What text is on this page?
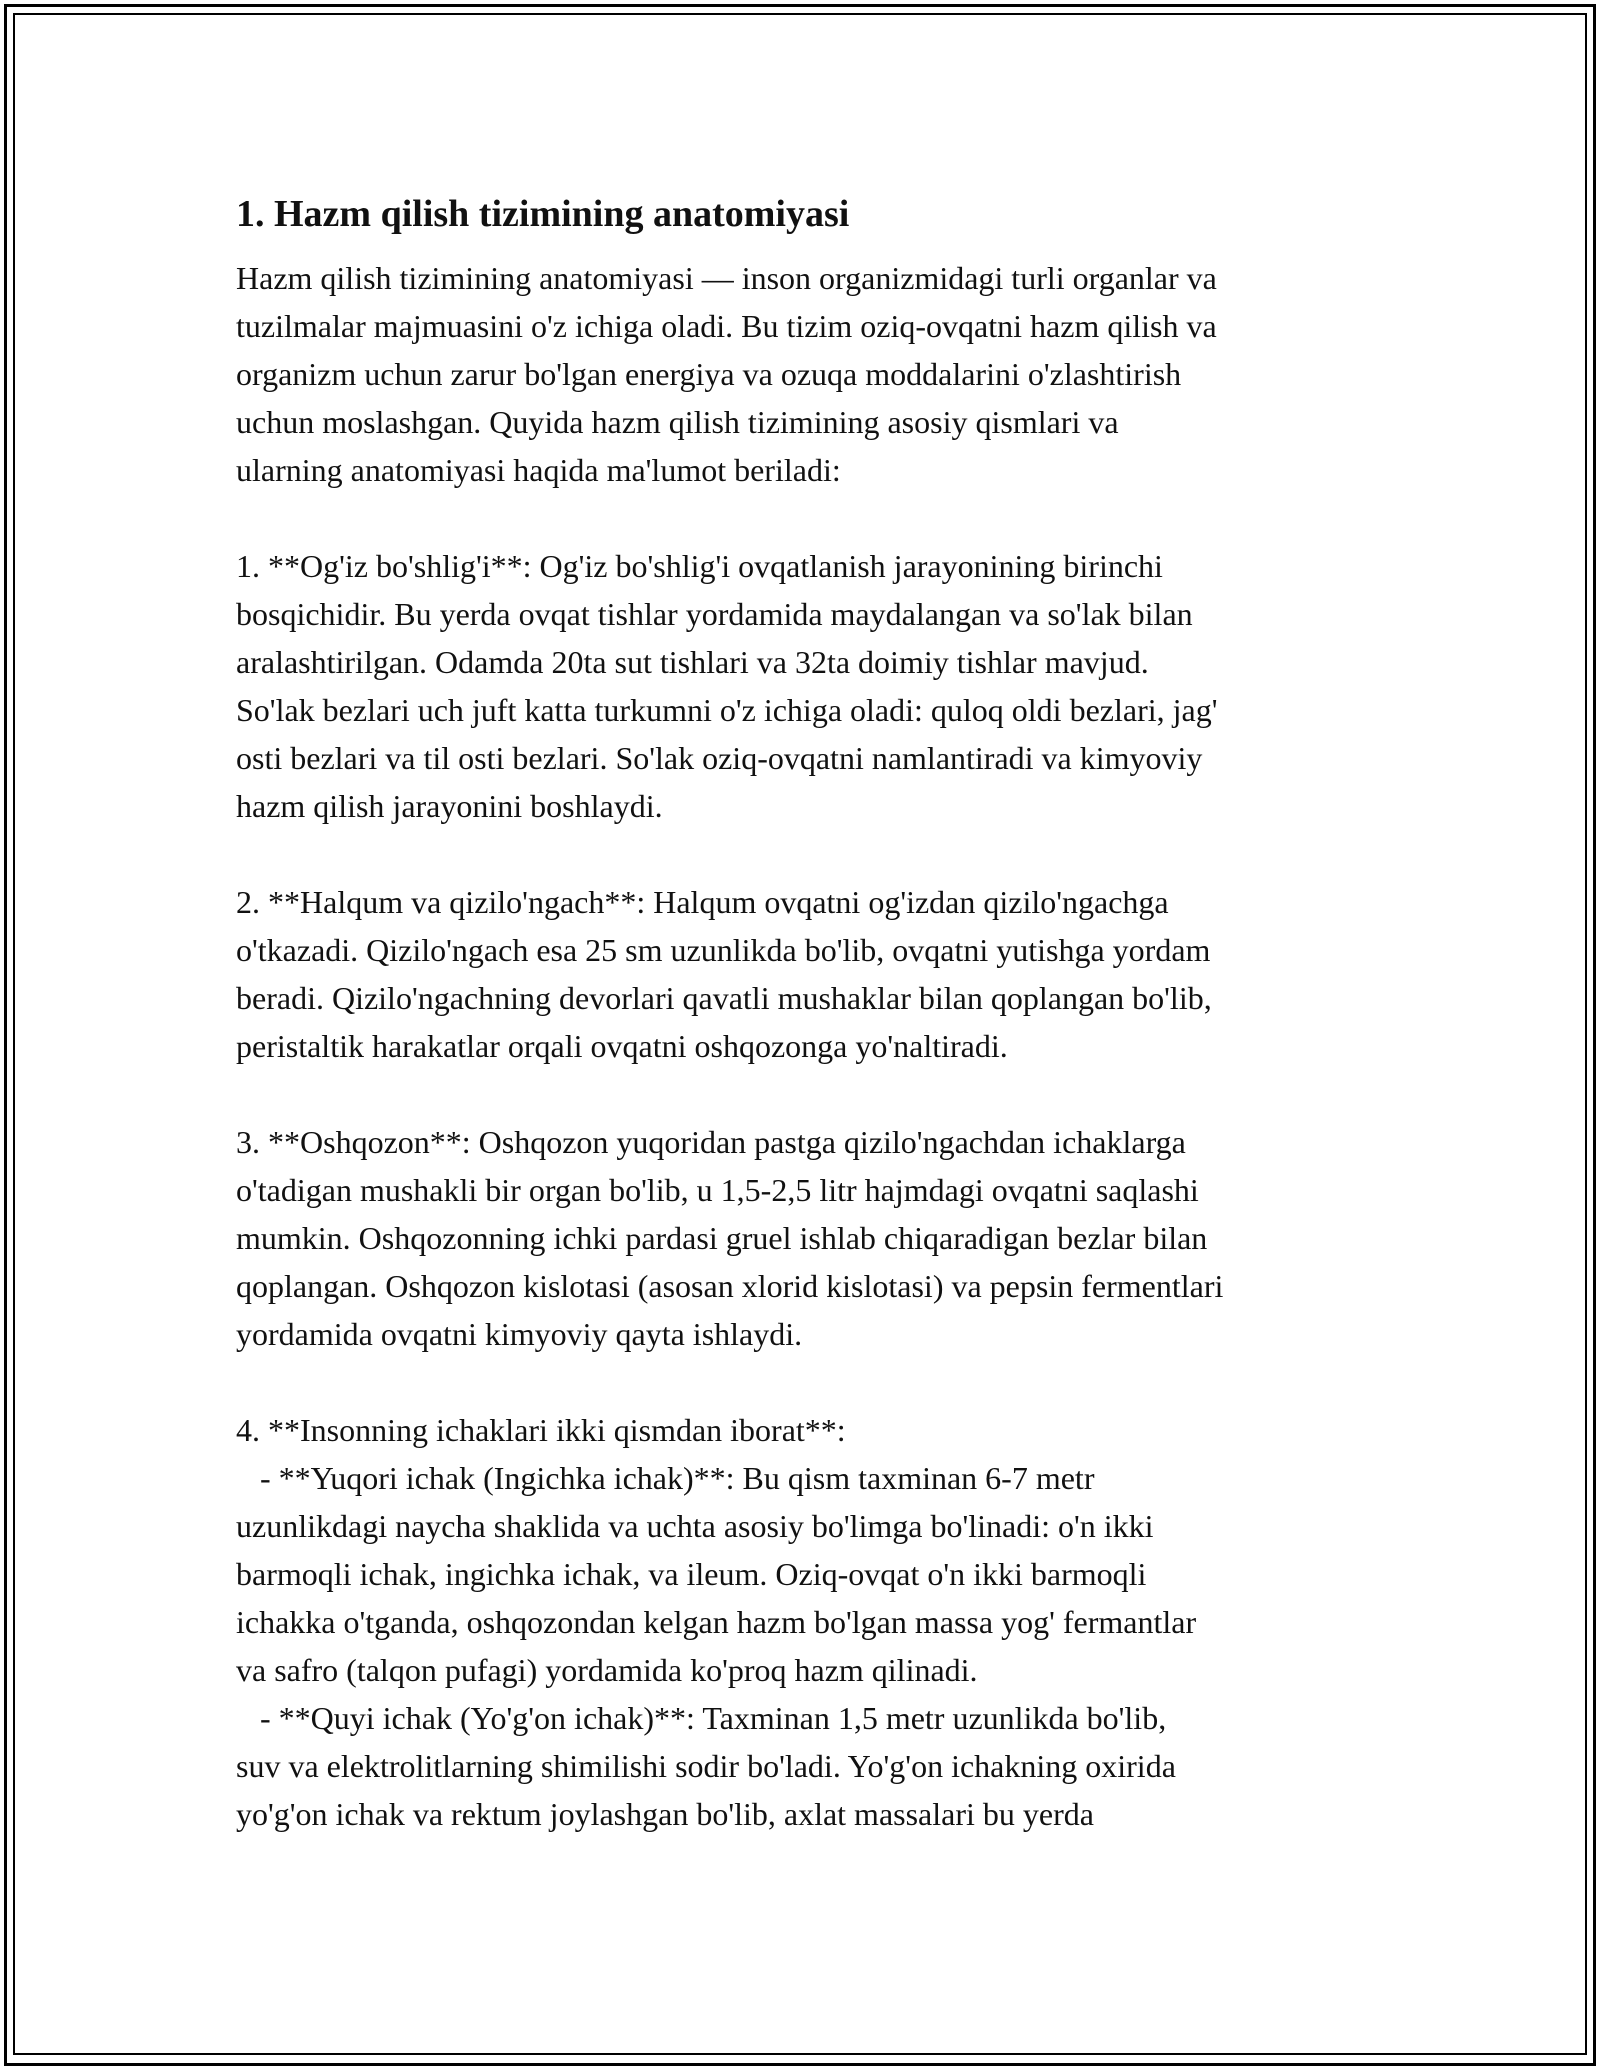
1. Hazm qilish tizimining anatomiyasi

Hazm qilish tizimining anatomiyasi — inson organizmidagi turli organlar va
tuzilmalar majmuasini o'z ichiga oladi. Bu tizim oziq-ovqatni hazm qilish va
organizm uchun zarur bo'lgan energiya va ozuqa moddalarini o'zlashtirish
uchun moslashgan. Quyida hazm qilish tizimining asosiy qismlari va
ularning anatomiyasi haqida ma'lumot beriladi:

1. **Og'iz bo'shlig'i**: Og'iz bo'shlig'i ovqatlanish jarayonining birinchi
bosqichidir. Bu yerda ovqat tishlar yordamida maydalangan va so'lak bilan
aralashtirilgan. Odamda 20ta sut tishlari va 32ta doimiy tishlar mavjud.
So'lak bezlari uch juft katta turkumni o'z ichiga oladi: quloq oldi bezlari, jag'
osti bezlari va til osti bezlari. So'lak oziq-ovqatni namlantiradi va kimyoviy
hazm qilish jarayonini boshlaydi.

2. **Halqum va qizilo'ngach**: Halqum ovqatni og'izdan qizilo'ngachga
o'tkazadi. Qizilo'ngach esa 25 sm uzunlikda bo'lib, ovqatni yutishga yordam
beradi. Qizilo'ngachning devorlari qavatli mushaklar bilan qoplangan bo'lib,
peristaltik harakatlar orqali ovqatni oshqozonga yo'naltiradi.

3. **Oshqozon**: Oshqozon yuqoridan pastga qizilo'ngachdan ichaklarga
o'tadigan mushakli bir organ bo'lib, u 1,5-2,5 litr hajmdagi ovqatni saqlashi
mumkin. Oshqozonning ichki pardasi gruel ishlab chiqaradigan bezlar bilan
qoplangan. Oshqozon kislotasi (asosan xlorid kislotasi) va pepsin fermentlari
yordamida ovqatni kimyoviy qayta ishlaydi.

4. **Insonning ichaklari ikki qismdan iborat**:
- **Yuqori ichak (Ingichka ichak)**: Bu qism taxminan 6-7 metr
uzunlikdagi naycha shaklida va uchta asosiy bo'limga bo'linadi: o'n ikki
barmoqli ichak, ingichka ichak, va ileum. Oziq-ovqat o'n ikki barmoqli
ichakka o'tganda, oshqozondan kelgan hazm bo'lgan massa yog' fermantlar
va safro (talqon pufagi) yordamida ko'proq hazm qilinadi.
- **Quyi ichak (Yo'g'on ichak)**: Taxminan 1,5 metr uzunlikda bo'lib,
suv va elektrolitlarning shimilishi sodir bo'ladi. Yo'g'on ichakning oxirida
yo'g'on ichak va rektum joylashgan bo'lib, axlat massalari bu yerda
